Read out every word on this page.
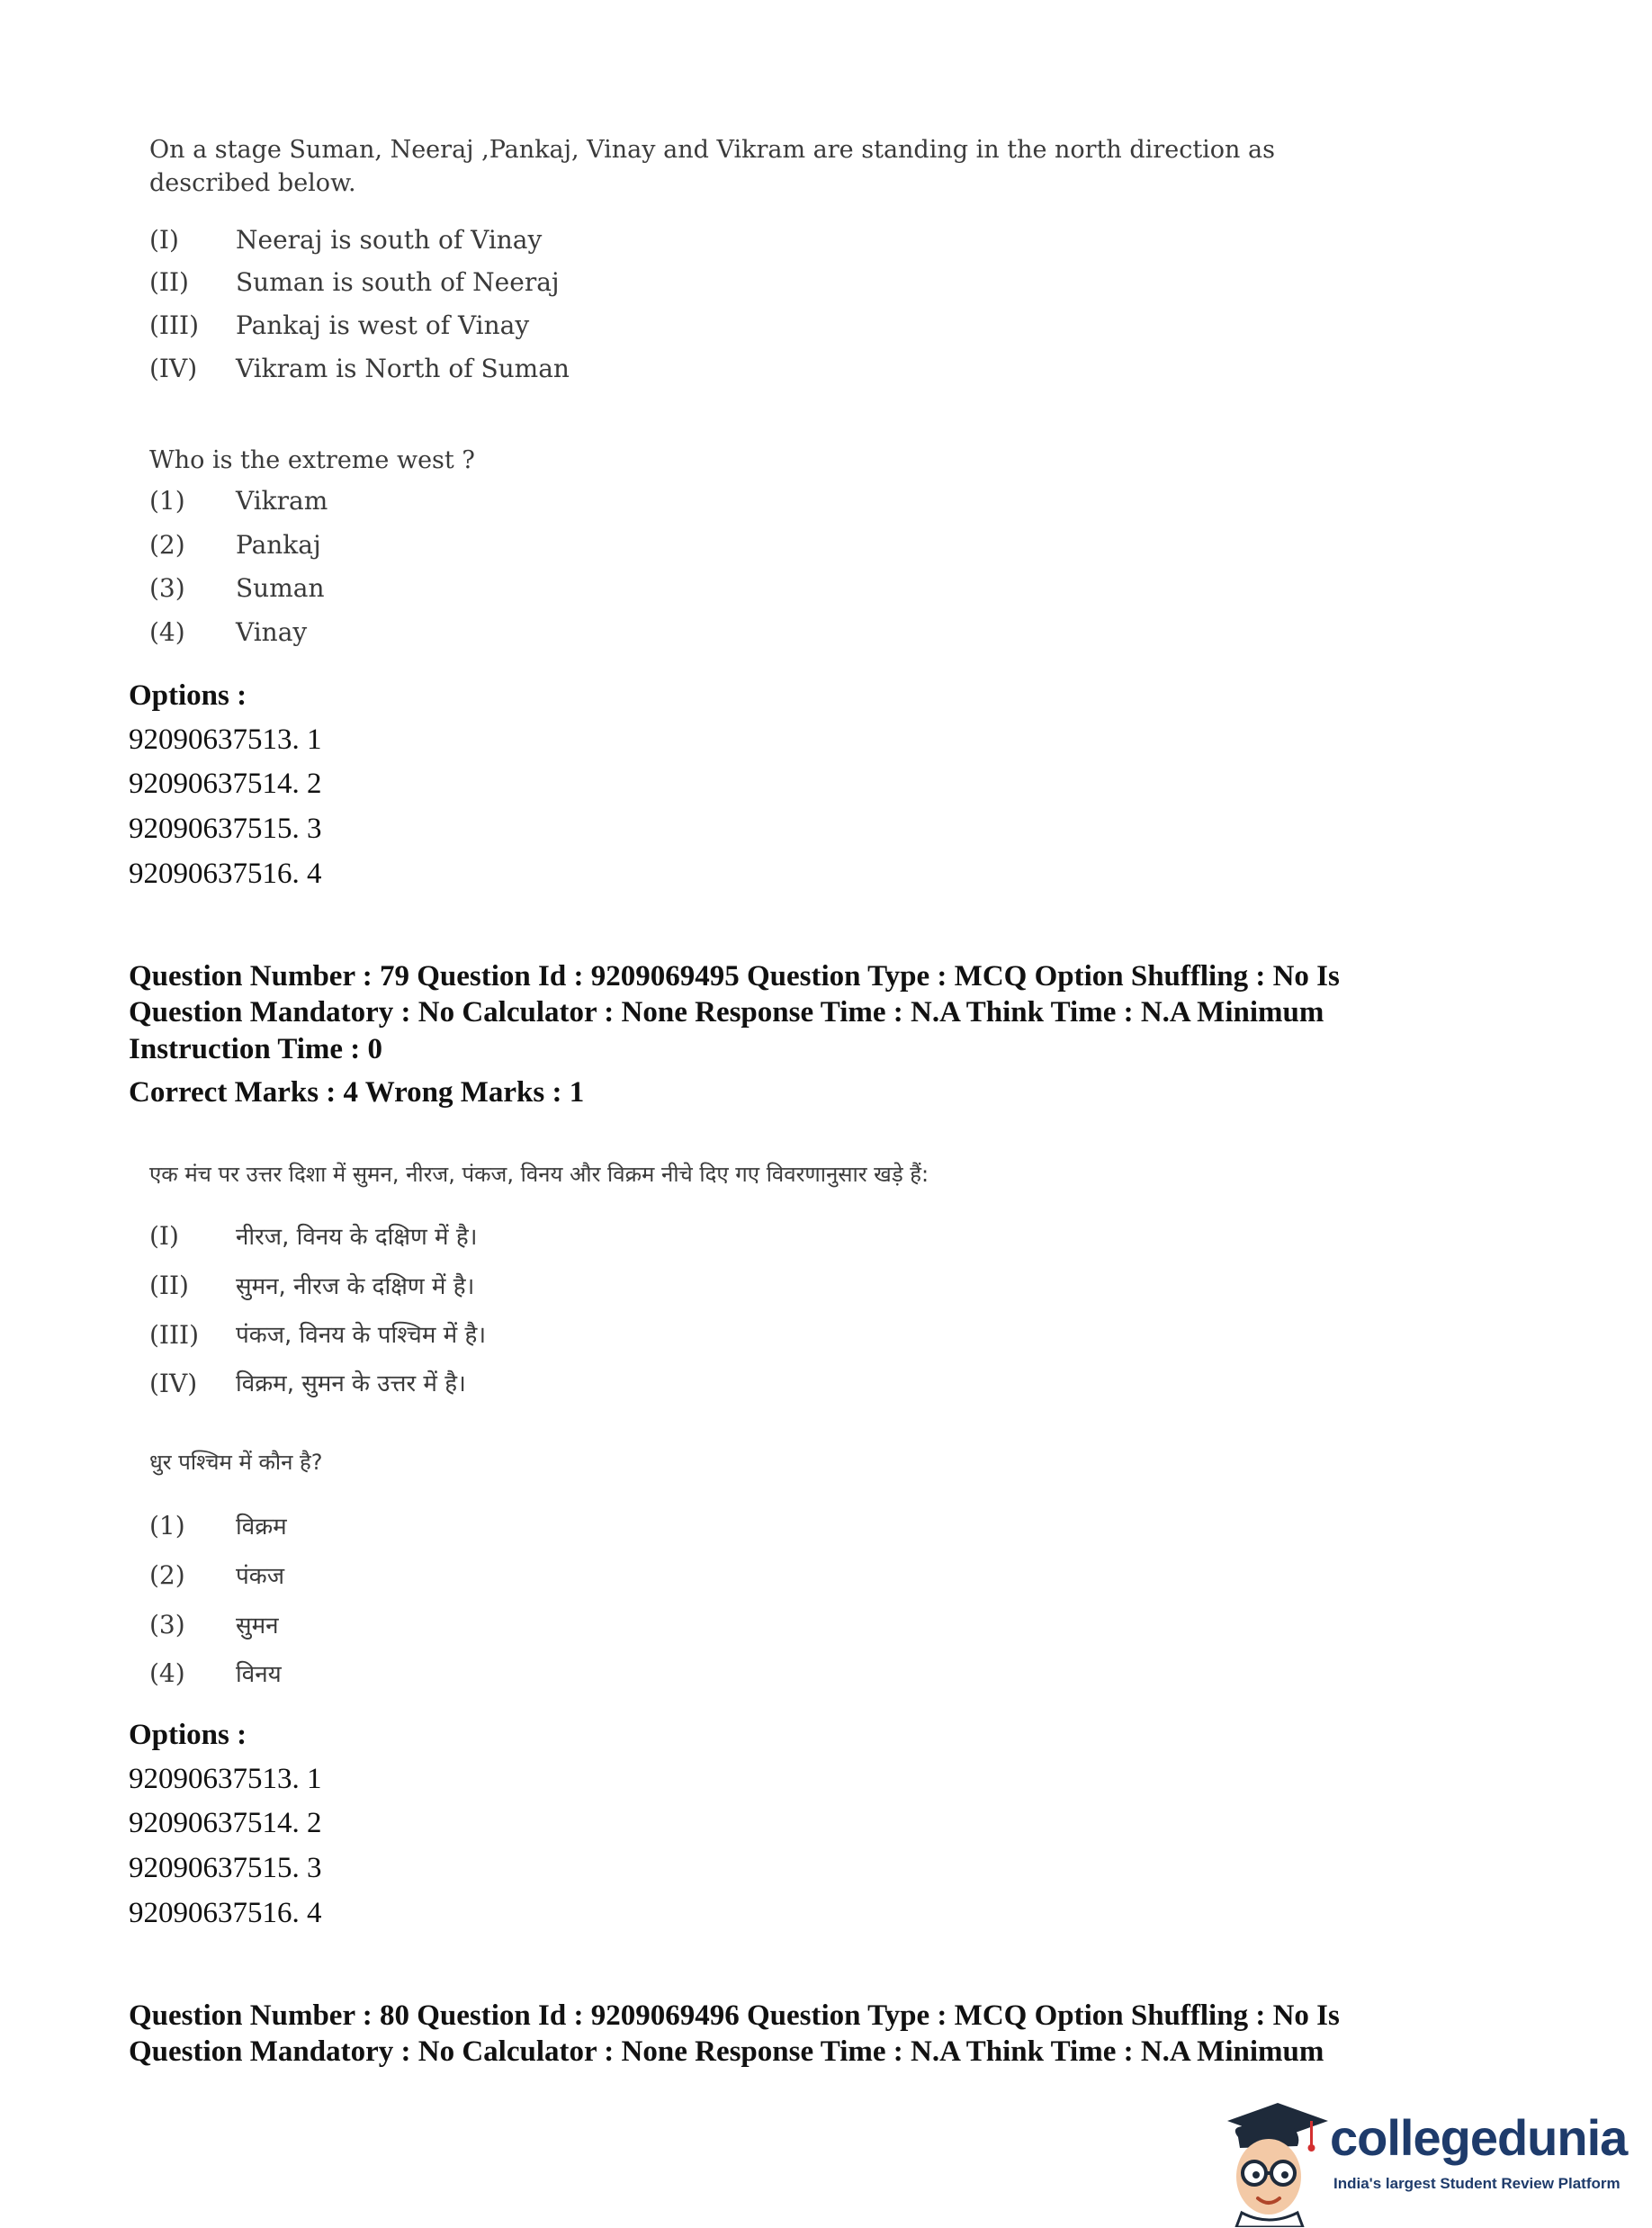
On a stage Suman, Neeraj ,Pankaj, Vinay and Vikram are standing in the north direction as described below.
(I) Neeraj is south of Vinay
(II) Suman is south of Neeraj
(III) Pankaj is west of Vinay
(IV) Vikram is North of Suman
Who is the extreme west ?
(1) Vikram
(2) Pankaj
(3) Suman
(4) Vinay
Options :
92090637513. 1
92090637514. 2
92090637515. 3
92090637516. 4
Question Number : 79 Question Id : 9209069495 Question Type : MCQ Option Shuffling : No Is
Question Mandatory : No Calculator : None Response Time : N.A Think Time : N.A Minimum
Instruction Time : 0
Correct Marks : 4 Wrong Marks : 1
एक मंच पर उत्तर दिशा में सुमन, नीरज, पंकज, विनय और विक्रम नीचे दिए गए विवरणानुसार खड़े हैं:
(I) नीरज, विनय के दक्षिण में है।
(II) सुमन, नीरज के दक्षिण में है।
(III) पंकज, विनय के पश्चिम में है।
(IV) विक्रम, सुमन के उत्तर में है।
धुर पश्चिम में कौन है?
(1) विक्रम
(2) पंकज
(3) सुमन
(4) विनय
Options :
92090637513. 1
92090637514. 2
92090637515. 3
92090637516. 4
Question Number : 80 Question Id : 9209069496 Question Type : MCQ Option Shuffling : No Is
Question Mandatory : No Calculator : None Response Time : N.A Think Time : N.A Minimum
collegedunia
India's largest Student Review Platform
